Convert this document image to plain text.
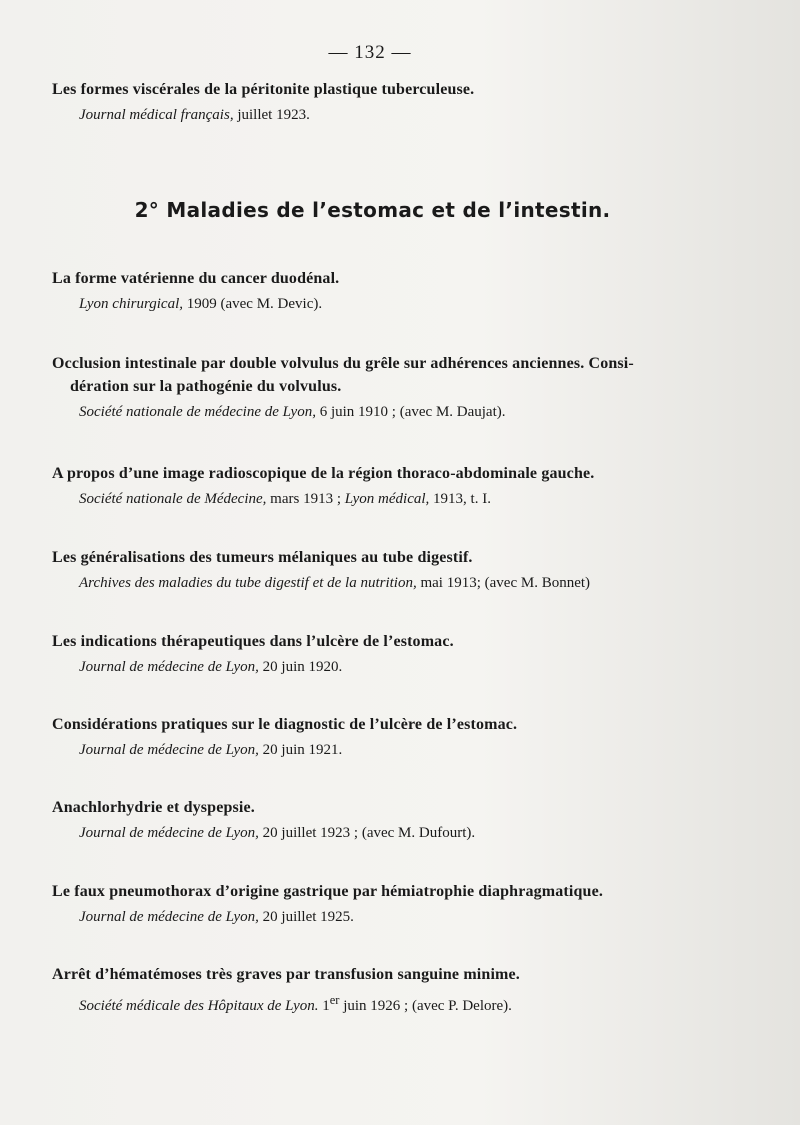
— 132 —
Les formes viscérales de la péritonite plastique tuberculeuse.
Journal médical français, juillet 1923.
2° Maladies de l’estomac et de l’intestin.
La forme vatérienne du cancer duodénal.
Lyon chirurgical, 1909 (avec M. Devic).
Occlusion intestinale par double volvulus du grêle sur adhérences anciennes. Consi-
dération sur la pathogénie du volvulus.
Société nationale de médecine de Lyon, 6 juin 1910 ; (avec M. Daujat).
A propos d’une image radioscopique de la région thoraco-abdominale gauche.
Société nationale de Médecine, mars 1913 ; Lyon médical, 1913, t. I.
Les généralisations des tumeurs mélaniques au tube digestif.
Archives des maladies du tube digestif et de la nutrition, mai 1913; (avec M. Bonnet)
Les indications thérapeutiques dans l’ulcère de l’estomac.
Journal de médecine de Lyon, 20 juin 1920.
Considérations pratiques sur le diagnostic de l’ulcère de l’estomac.
Journal de médecine de Lyon, 20 juin 1921.
Anachlorhydrie et dyspepsie.
Journal de médecine de Lyon, 20 juillet 1923 ; (avec M. Dufourt).
Le faux pneumothorax d’origine gastrique par hémiatrophie diaphragmatique.
Journal de médecine de Lyon, 20 juillet 1925.
Arrêt d’hématémoses très graves par transfusion sanguine minime.
Société médicale des Hôpitaux de Lyon. 1er juin 1926 ; (avec P. Delore).
